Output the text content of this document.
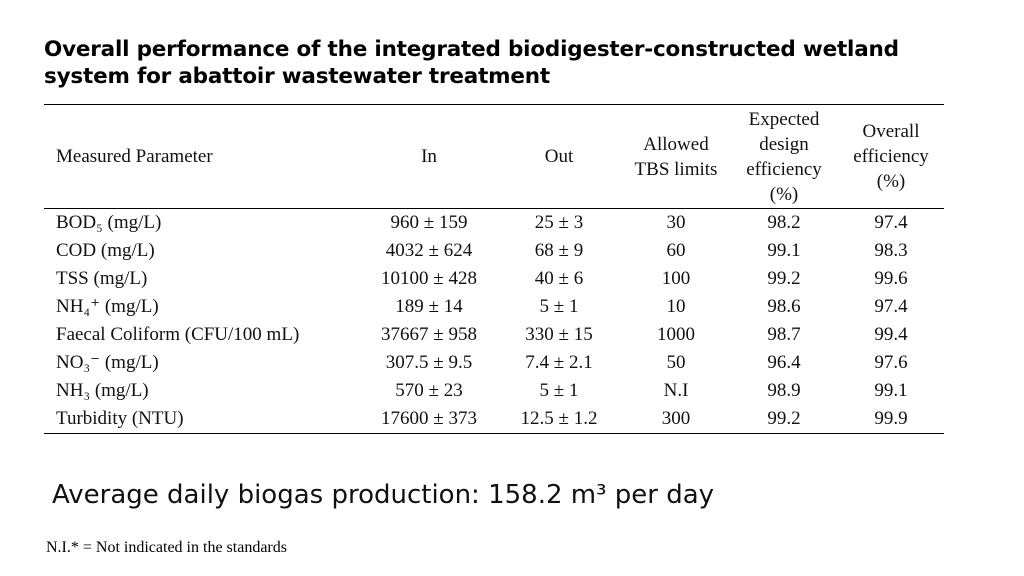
Overall performance of the integrated biodigester-constructed wetland
system for abattoir wastewater treatment
Measured Parameter	In	Out	Allowed TBS limits	Expected design efficiency (%)	Overall efficiency (%)
BOD₅ (mg/L)	960 ± 159	25 ± 3	30	98.2	97.4
COD (mg/L)	4032 ± 624	68 ± 9	60	99.1	98.3
TSS (mg/L)	10100 ± 428	40 ± 6	100	99.2	99.6
NH₄⁺ (mg/L)	189 ± 14	5 ± 1	10	98.6	97.4
Faecal Coliform (CFU/100 mL)	37667 ± 958	330 ± 15	1000	98.7	99.4
NO₃⁻ (mg/L)	307.5 ± 9.5	7.4 ± 2.1	50	96.4	97.6
NH₃ (mg/L)	570 ± 23	5 ± 1	N.I	98.9	99.1
Turbidity (NTU)	17600 ± 373	12.5 ± 1.2	300	99.2	99.9
Average daily biogas production: 158.2 m³ per day
N.I.* = Not indicated in the standards
